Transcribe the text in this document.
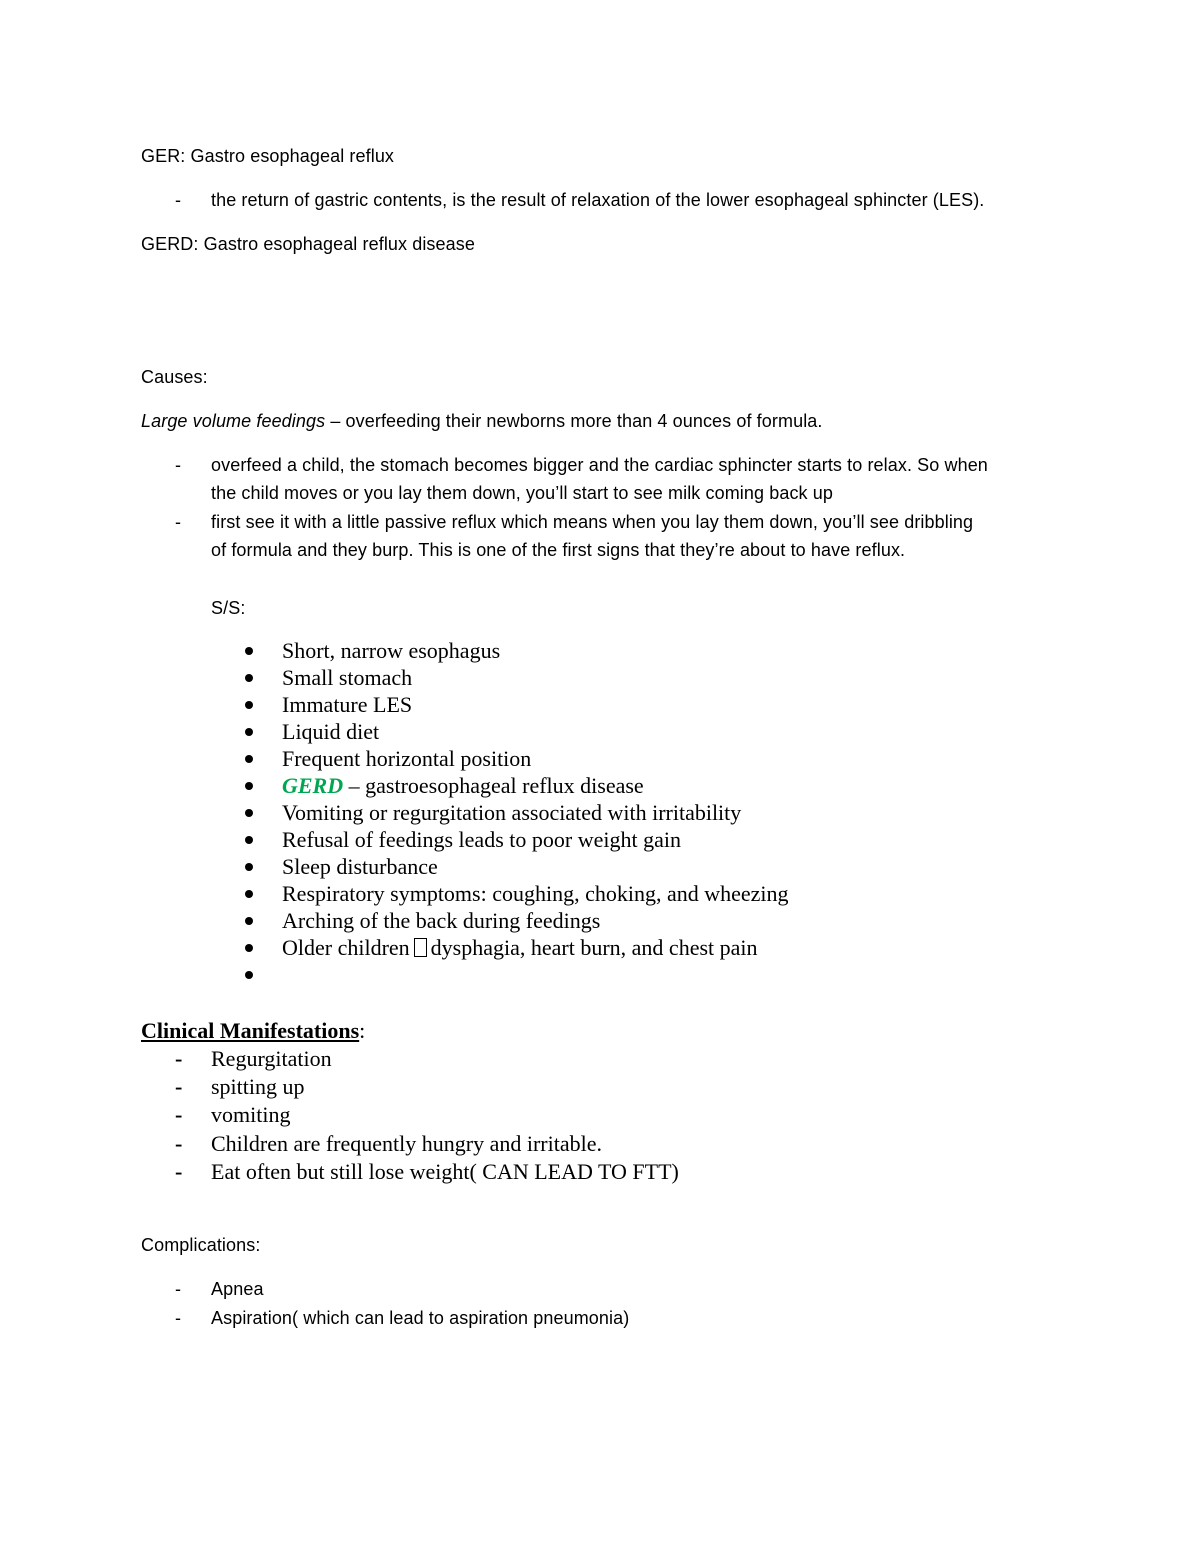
GER: Gastro esophageal reflux
- the return of gastric contents, is the result of relaxation of the lower esophageal sphincter (LES).
GERD: Gastro esophageal reflux disease
Causes:
Large volume feedings – overfeeding their newborns more than 4 ounces of formula.
- overfeed a child, the stomach becomes bigger and the cardiac sphincter starts to relax. So when
the child moves or you lay them down, you’ll start to see milk coming back up
- first see it with a little passive reflux which means when you lay them down, you’ll see dribbling
of formula and they burp. This is one of the first signs that they’re about to have reflux.
S/S:
Short, narrow esophagus
Small stomach
Immature LES
Liquid diet
Frequent horizontal position
GERD – gastroesophageal reflux disease
Vomiting or regurgitation associated with irritability
Refusal of feedings leads to poor weight gain
Sleep disturbance
Respiratory symptoms: coughing, choking, and wheezing
Arching of the back during feedings
Older children dysphagia, heart burn, and chest pain
Clinical Manifestations:
- Regurgitation
- spitting up
- vomiting
- Children are frequently hungry and irritable.
- Eat often but still lose weight( CAN LEAD TO FTT)
Complications:
- Apnea
- Aspiration( which can lead to aspiration pneumonia)
